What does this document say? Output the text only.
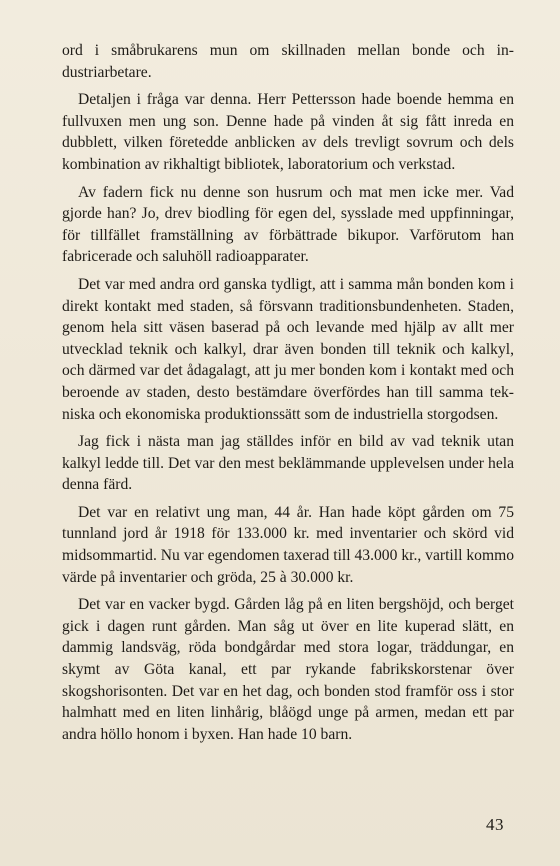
ord i småbrukarens mun om skillnaden mellan bonde och industriarbetare.

Detaljen i fråga var denna. Herr Pettersson hade boende hemma en fullvuxen men ung son. Denne hade på vinden åt sig fått inreda en dubblett, vilken företedde anblicken av dels trevligt sovrum och dels kombination av rikhaltigt bibliotek, laboratorium och verkstad.

Av fadern fick nu denne son husrum och mat men icke mer. Vad gjorde han? Jo, drev biodling för egen del, sysslade med uppfinningar, för tillfället framställning av förbättrade bikupor. Varförutom han fabricerade och saluhöll radioapparater.

Det var med andra ord ganska tydligt, att i samma mån bonden kom i direkt kontakt med staden, så försvann traditionsbundenheten. Staden, genom hela sitt väsen baserad på och levande med hjälp av allt mer utvecklad teknik och kalkyl, drar även bonden till teknik och kalkyl, och därmed var det ådagalagt, att ju mer bonden kom i kontakt med och beroende av staden, desto bestämdare överfördes han till samma tekniska och ekonomiska produktionssätt som de industriella storgodsen.

Jag fick i nästa man jag ställdes inför en bild av vad teknik utan kalkyl ledde till. Det var den mest beklämmande upplevelsen under hela denna färd.

Det var en relativt ung man, 44 år. Han hade köpt gården om 75 tunnland jord år 1918 för 133.000 kr. med inventarier och skörd vid midsommartid. Nu var egendomen taxerad till 43.000 kr., vartill kommo värde på inventarier och gröda, 25 à 30.000 kr.

Det var en vacker bygd. Gården låg på en liten bergshöjd, och berget gick i dagen runt gården. Man såg ut över en lite kuperad slätt, en dammig landsväg, röda bondgårdar med stora logar, träddungar, en skymt av Göta kanal, ett par rykande fabrikskorstenar över skogshorisonten. Det var en het dag, och bonden stod framför oss i stor halmhatt med en liten linhårig, blåögd unge på armen, medan ett par andra höllo honom i byxen. Han hade 10 barn.

43
